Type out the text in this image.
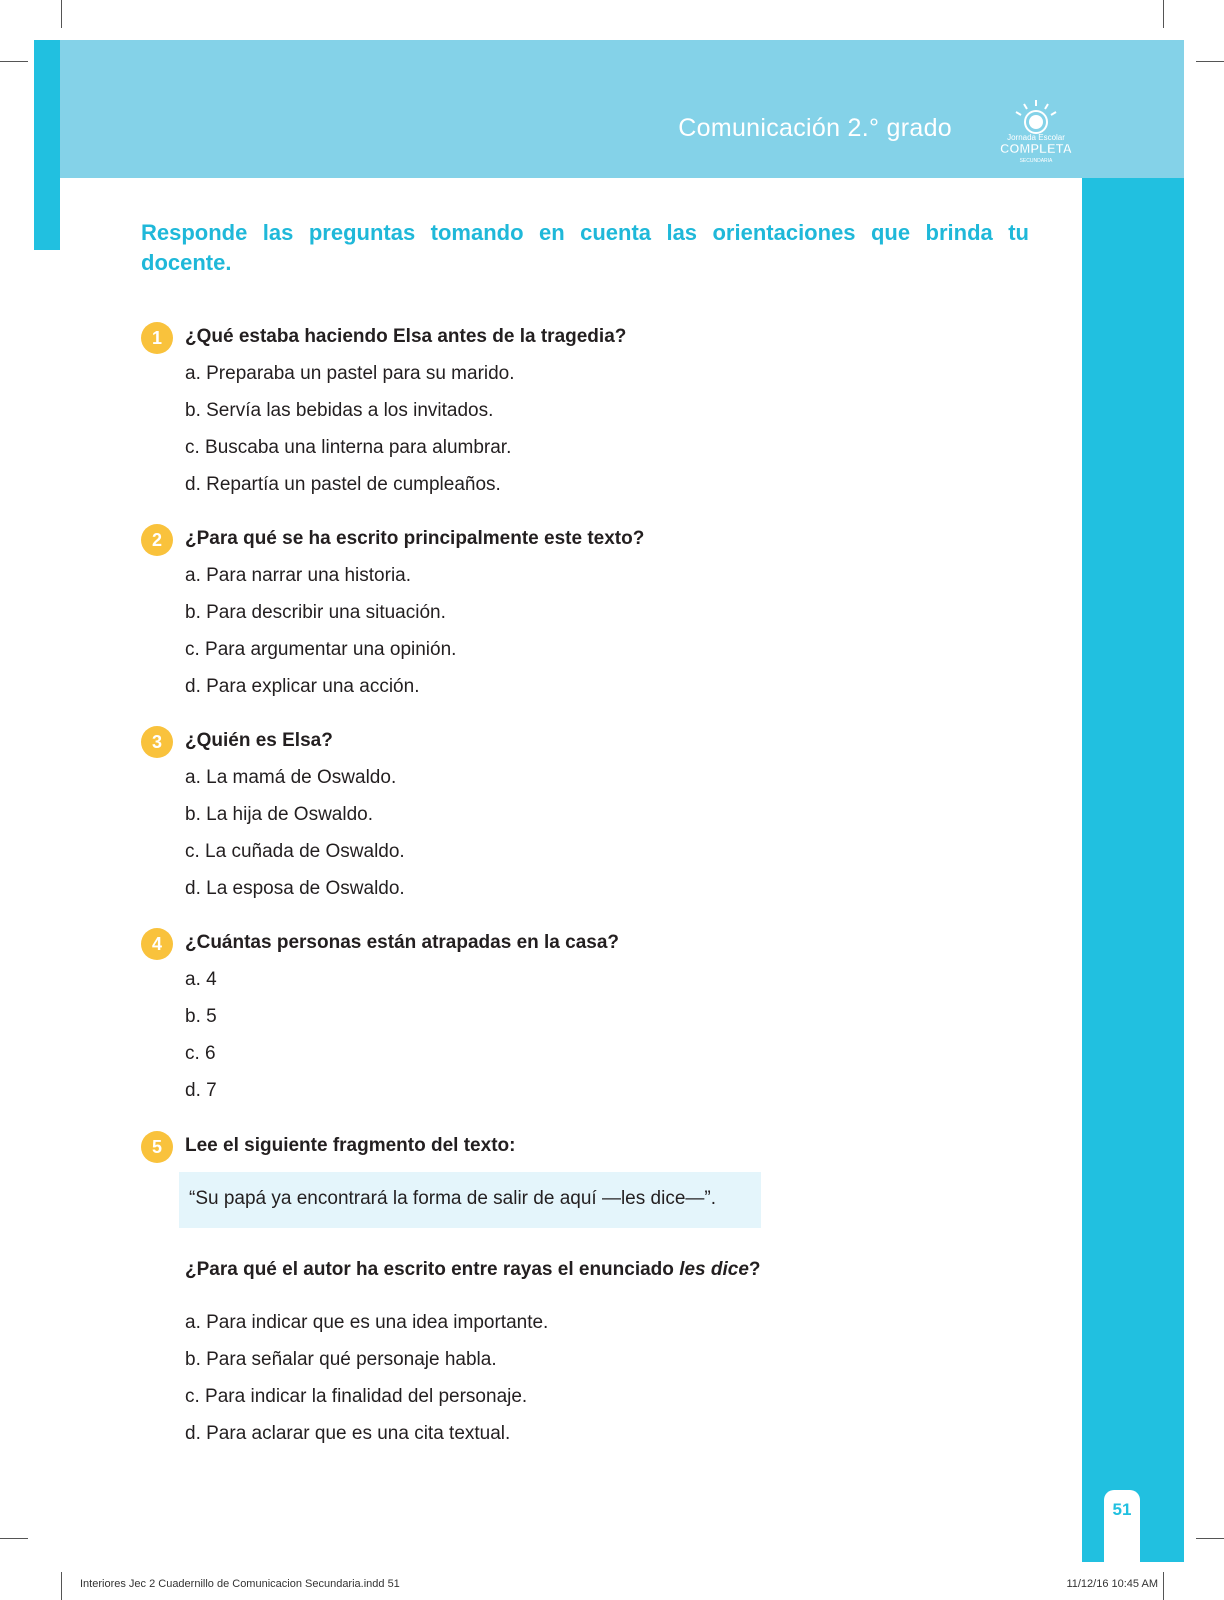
Comunicación 2.° grado	Jornada Escolar
COMPLETA
SECUNDARIA
Responde las preguntas tomando en cuenta las orientaciones que brinda tu docente.
1	¿Qué estaba haciendo Elsa antes de la tragedia?
a. Preparaba un pastel para su marido.
b. Servía las bebidas a los invitados.
c. Buscaba una linterna para alumbrar.
d. Repartía un pastel de cumpleaños.
2	¿Para qué se ha escrito principalmente este texto?
a. Para narrar una historia.
b. Para describir una situación.
c. Para argumentar una opinión.
d. Para explicar una acción.
3	¿Quién es Elsa?
a. La mamá de Oswaldo.
b. La hija de Oswaldo.
c. La cuñada de Oswaldo.
d. La esposa de Oswaldo.
4	¿Cuántas personas están atrapadas en la casa?
a. 4
b. 5
c. 6
d. 7
5	Lee el siguiente fragmento del texto:
“Su papá ya encontrará la forma de salir de aquí —les dice—”.
¿Para qué el autor ha escrito entre rayas el enunciado les dice?
a. Para indicar que es una idea importante.
b. Para señalar qué personaje habla.
c. Para indicar la finalidad del personaje.
d. Para aclarar que es una cita textual.
51
Interiores Jec 2 Cuadernillo de Comunicacion Secundaria.indd 51	11/12/16 10:45 AM
